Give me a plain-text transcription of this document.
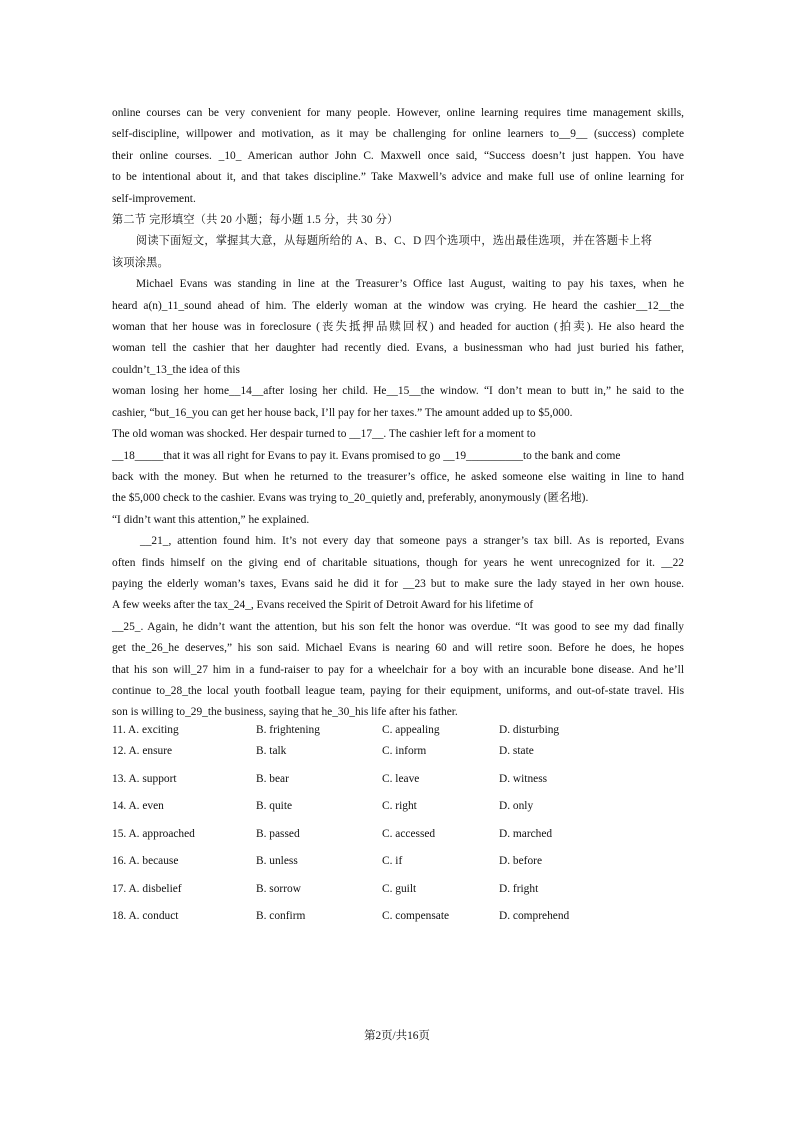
online courses can be very convenient for many people. However, online learning requires time management skills,
self-discipline, willpower and motivation, as it may be challenging for online learners to__9__ (success) complete
their online courses. _10_ American author John C. Maxwell once said, “Success doesn’t just happen. You have
to be intentional about it, and that takes discipline.” Take Maxwell’s advice and make full use of online learning for
self-improvement.
第二节 完形填空（共 20 小题；每小题 1.5 分，共 30 分）
阅读下面短文，掌握其大意，从每题所给的 A、B、C、D 四个选项中，选出最佳选项，并在答题卡上将
该项涂黑。
Michael Evans was standing in line at the Treasurer’s Office last August, waiting to pay his taxes, when he
heard a(n)_11_sound ahead of him. The elderly woman at the window was crying. He heard the cashier__12__the
woman that her house was in foreclosure (丧失抵押品赎回权) and headed for auction (拍卖). He also heard the
woman tell the cashier that her daughter had recently died. Evans, a businessman who had just buried his father,
couldn’t_13_the idea of this
woman losing her home__14__after losing her child. He__15__the window. “I don’t mean to butt in,” he said to the
cashier, “but_16_you can get her house back, I’ll pay for her taxes.” The amount added up to $5,000.
The old woman was shocked. Her despair turned to __17__. The cashier left for a moment to
__18_____that it was all right for Evans to pay it. Evans promised to go __19__________to the bank and come
back with the money. But when he returned to the treasurer’s office, he asked someone else waiting in line to hand
the $5,000 check to the cashier. Evans was trying to_20_quietly and, preferably, anonymously (匿名地).
“I didn’t want this attention,” he explained.
__21_, attention found him. It’s not every day that someone pays a stranger’s tax bill. As is reported, Evans
often finds himself on the giving end of charitable situations, though for years he went unrecognized for it. __22
paying the elderly woman’s taxes, Evans said he did it for __23 but to make sure the lady stayed in her own house.
A few weeks after the tax_24_, Evans received the Spirit of Detroit Award for his lifetime of
__25_. Again, he didn’t want the attention, but his son felt the honor was overdue. “It was good to see my dad finally
get the_26_he deserves,” his son said. Michael Evans is nearing 60 and will retire soon. Before he does, he hopes
that his son will_27 him in a fund-raiser to pay for a wheelchair for a boy with an incurable bone disease. And he’ll
continue to_28_the local youth football league team, paying for their equipment, uniforms, and out-of-state travel. His
son is willing to_29_the business, saying that he_30_his life after his father.
11. A. exciting	B. frightening	C. appealing	D. disturbing
12. A. ensure	B. talk	C. inform	D. state
13. A. support	B. bear	C. leave	D. witness
14. A. even	B. quite	C. right	D. only
15. A. approached	B. passed	C. accessed	D. marched
16. A. because	B. unless	C. if	D. before
17. A. disbelief	B. sorrow	C. guilt	D. fright
18. A. conduct	B. confirm	C. compensate	D. comprehend
第2页/共16页
